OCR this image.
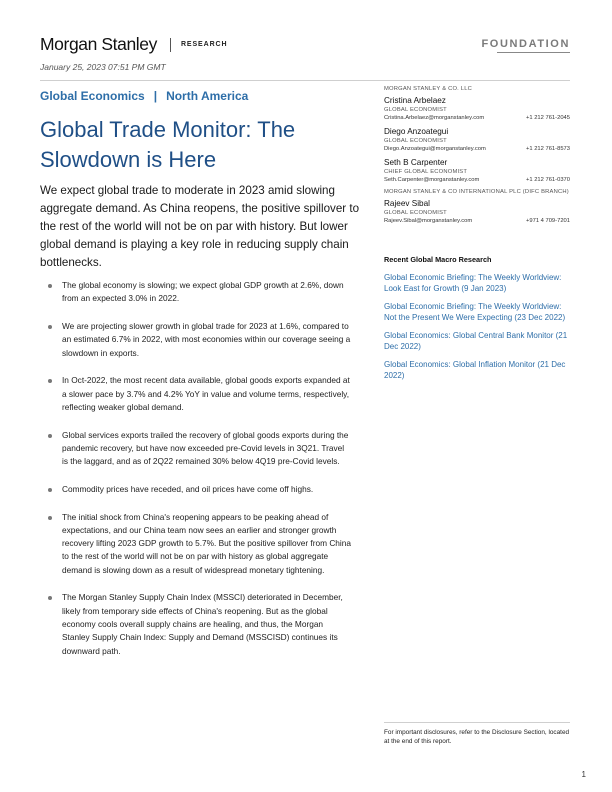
Morgan Stanley	RESEARCH	FOUNDATION
January 25, 2023 07:51 PM GMT
Global Economics | North America
Global Trade Monitor: The Slowdown is Here

We expect global trade to moderate in 2023 amid slowing aggregate demand. As China reopens, the positive spillover to the rest of the world will not be on par with history. But lower global demand is playing a key role in reducing supply chain bottlenecks.

The global economy is slowing; we expect global GDP growth at 2.6%, down from an expected 3.0% in 2022.
We are projecting slower growth in global trade for 2023 at 1.6%, compared to an estimated 6.7% in 2022, with most economies within our coverage seeing a slowdown in exports.
In Oct-2022, the most recent data available, global goods exports expanded at a slower pace by 3.7% and 4.2% YoY in value and volume terms, respectively, reflecting weaker global demand.
Global services exports trailed the recovery of global goods exports during the pandemic recovery, but have now exceeded pre-Covid levels in 3Q21. Travel is the laggard, and as of 2Q22 remained 30% below 4Q19 pre-Covid levels.
Commodity prices have receded, and oil prices have come off highs.
The initial shock from China's reopening appears to be peaking ahead of expectations, and our China team now sees an earlier and stronger growth recovery lifting 2023 GDP growth to 5.7%. But the positive spillover from China to the rest of the world will not be on par with history as global aggregate demand is slowing down as a result of widespread monetary tightening.
The Morgan Stanley Supply Chain Index (MSSCI) deteriorated in December, likely from temporary side effects of China's reopening. But as the global economy cools overall supply chains are healing, and thus, the Morgan Stanley Supply Chain Index: Supply and Demand (MSSCISD) continues its downward path.
MORGAN STANLEY & CO. LLC
Cristina Arbelaez
GLOBAL ECONOMIST
Cristina.Arbelaez@morganstanley.com	+1 212 761-2045
Diego Anzoategui
GLOBAL ECONOMIST
Diego.Anzoategui@morganstanley.com	+1 212 761-8573
Seth B Carpenter
CHIEF GLOBAL ECONOMIST
Seth.Carpenter@morganstanley.com	+1 212 761-0370
MORGAN STANLEY & CO INTERNATIONAL PLC (DIFC BRANCH)
Rajeev Sibal
GLOBAL ECONOMIST
Rajeev.Sibal@morganstanley.com	+971 4 709-7201
Recent Global Macro Research
Global Economic Briefing: The Weekly Worldview: Look East for Growth (9 Jan 2023)
Global Economic Briefing: The Weekly Worldview: Not the Present We Were Expecting (23 Dec 2022)
Global Economics: Global Central Bank Monitor (21 Dec 2022)
Global Economics: Global Inflation Monitor (21 Dec 2022)
For important disclosures, refer to the Disclosure Section, located at the end of this report.
1
